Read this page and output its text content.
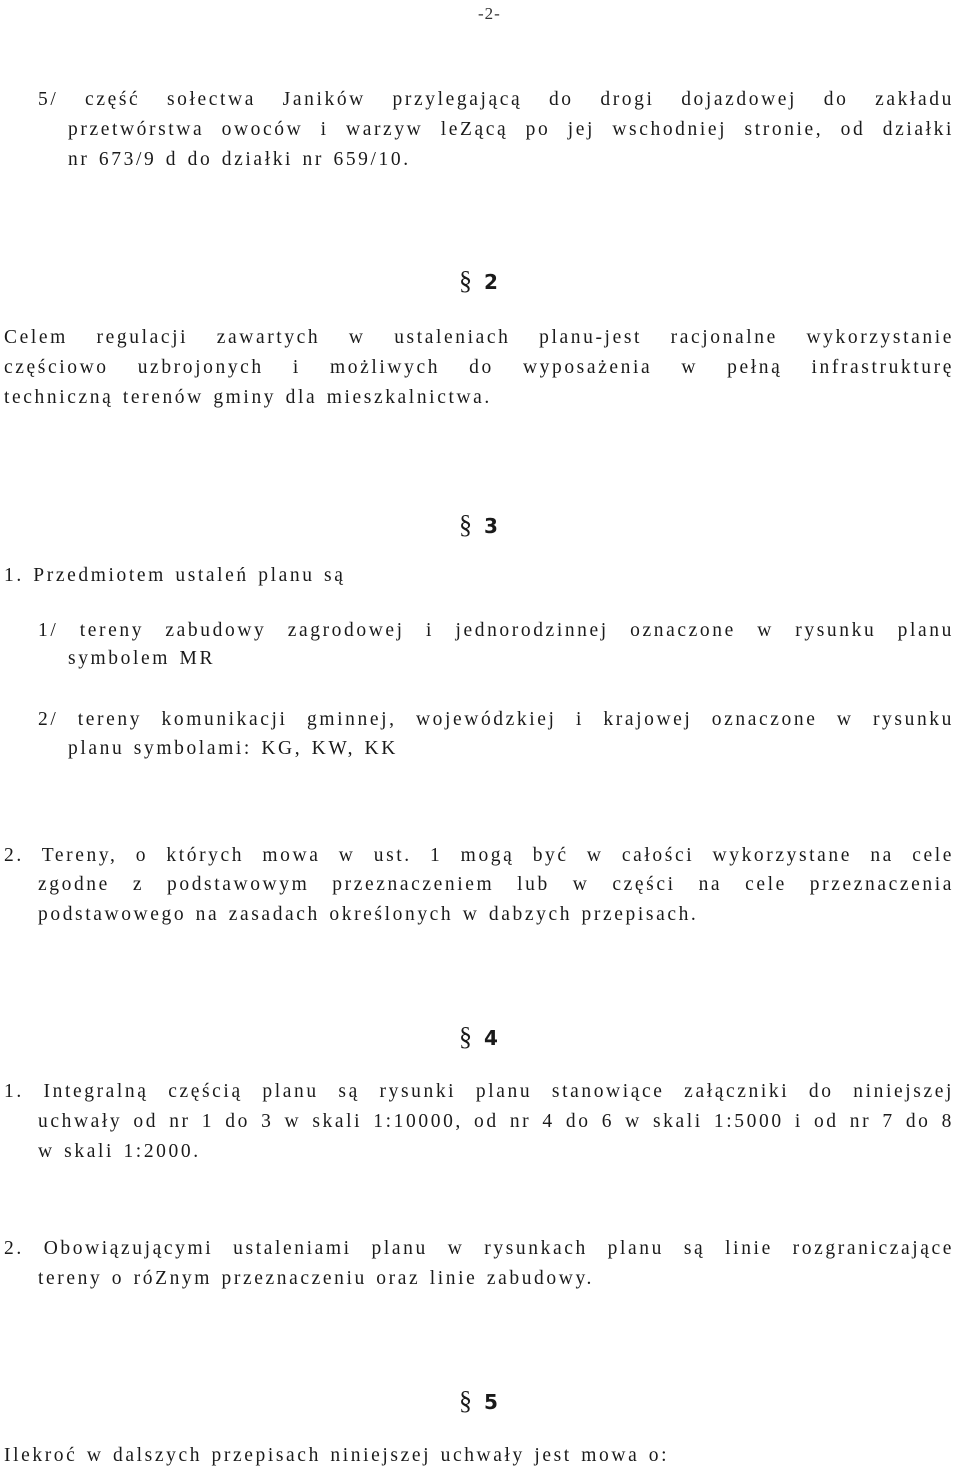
-2-
5/ część sołectwa Janików przylegającą do drogi dojazdowej do zakładu
przetwórstwa owoców i warzyw leZącą po jej wschodniej stronie, od działki
nr 673/9 d do działki nr 659/10.
§ 2
Celem regulacji zawartych w ustaleniach planu-jest racjonalne wykorzystanie
częściowo uzbrojonych i możliwych do wyposażenia w pełną infrastrukturę
techniczną terenów gminy dla mieszkalnictwa.
§ 3
1. Przedmiotem ustaleń planu są
1/ tereny zabudowy zagrodowej i jednorodzinnej oznaczone w rysunku planu
symbolem MR
2/ tereny komunikacji gminnej, wojewódzkiej i krajowej oznaczone w rysunku
planu symbolami: KG, KW, KK
2. Tereny, o których mowa w ust. 1 mogą być w całości wykorzystane na cele
zgodne z podstawowym przeznaczeniem lub w części na cele przeznaczenia
podstawowego na zasadach określonych w dabzych przepisach.
§ 4
1. Integralną częścią planu są rysunki planu stanowiące załączniki do niniejszej
uchwały od nr 1 do 3 w skali 1:10000, od nr 4 do 6 w skali 1:5000 i od nr 7 do 8
w skali 1:2000.
2. Obowiązującymi ustaleniami planu w rysunkach planu są linie rozgraniczające
tereny o róZnym przeznaczeniu oraz linie zabudowy.
§ 5
Ilekroć w dalszych przepisach niniejszej uchwały jest mowa o:
